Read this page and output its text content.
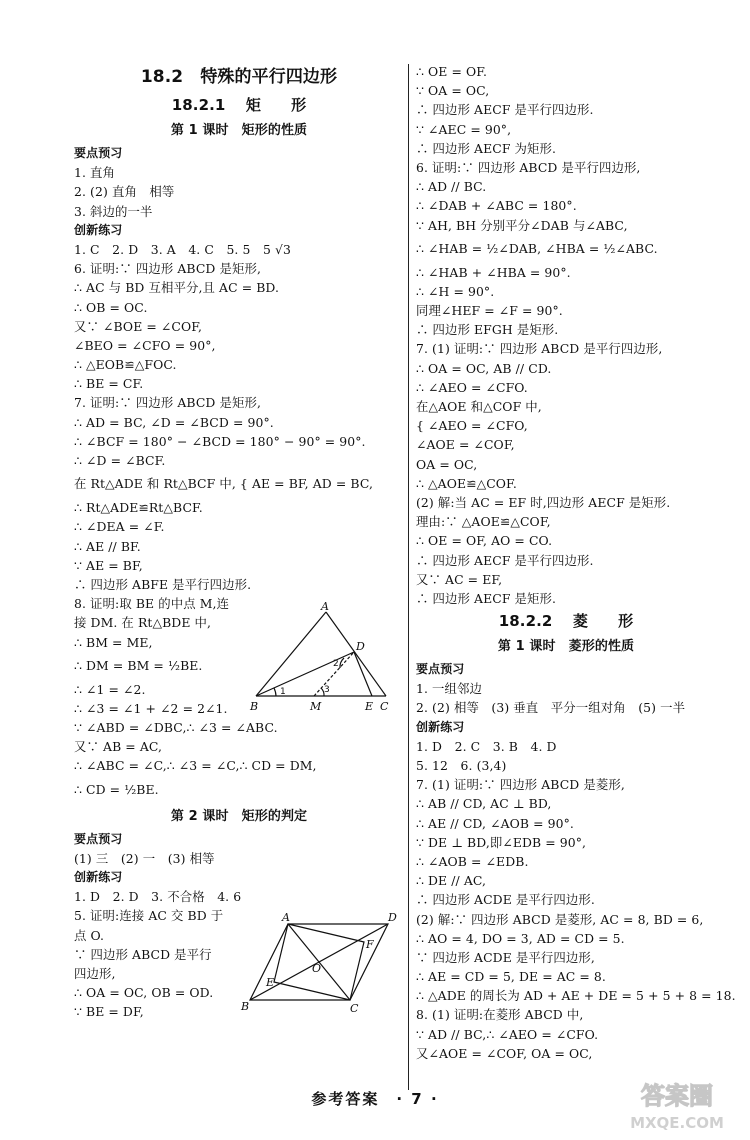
18.2　特殊的平行四边形
18.2.1　 矩　　形
第 1 课时　矩形的性质
要点预习
1. 直角
2. (2) 直角　相等
3. 斜边的一半
创新练习
1. C　2. D　3. A　4. C　5. 5　5 √3
6. 证明:∵ 四边形 ABCD 是矩形,
∴ AC 与 BD 互相平分,且 AC = BD.
∴ OB = OC.
又∵ ∠BOE = ∠COF,
∠BEO = ∠CFO = 90°,
∴ △EOB≌△FOC.
∴ BE = CF.
7. 证明:∵ 四边形 ABCD 是矩形,
∴ AD = BC, ∠D = ∠BCD = 90°.
∴ ∠BCF = 180° − ∠BCD = 180° − 90° = 90°.
∴ ∠D = ∠BCF.
在 Rt△ADE 和 Rt△BCF 中, { AE = BF, AD = BC,
∴ Rt△ADE≌Rt△BCF.
∴ ∠DEA = ∠F.
∴ AE // BF.
∵ AE = BF,
∴ 四边形 ABFE 是平行四边形.
8. 证明:取 BE 的中点 M,连
接 DM. 在 Rt△BDE 中,
∴ BM = ME,
∴ DM = BM = ½BE.
∴ ∠1 = ∠2.
∴ ∠3 = ∠1 + ∠2 = 2∠1.
∵ ∠ABD = ∠DBC,∴ ∠3 = ∠ABC.
又∵ AB = AC,
∴ ∠ABC = ∠C,∴ ∠3 = ∠C,∴ CD = DM,
∴ CD = ½BE.
第 2 课时　矩形的判定
要点预习
(1) 三　(2) 一　(3) 相等
创新练习
1. D　2. D　3. 不合格　4. 6
5. 证明:连接 AC 交 BD 于
点 O.
∵ 四边形 ABCD 是平行
四边形,
∴ OA = OC, OB = OD.
∵ BE = DF,
∴ OE = OF.
∵ OA = OC,
∴ 四边形 AECF 是平行四边形.
∵ ∠AEC = 90°,
∴ 四边形 AECF 为矩形.
6. 证明:∵ 四边形 ABCD 是平行四边形,
∴ AD // BC.
∴ ∠DAB + ∠ABC = 180°.
∵ AH, BH 分别平分∠DAB 与∠ABC,
∴ ∠HAB = ½∠DAB, ∠HBA = ½∠ABC.
∴ ∠HAB + ∠HBA = 90°.
∴ ∠H = 90°.
同理∠HEF = ∠F = 90°.
∴ 四边形 EFGH 是矩形.
7. (1) 证明:∵ 四边形 ABCD 是平行四边形,
∴ OA = OC, AB // CD.
∴ ∠AEO = ∠CFO.
在△AOE 和△COF 中,
{ ∠AEO = ∠CFO,
∠AOE = ∠COF,
OA = OC,
∴ △AOE≌△COF.
(2) 解:当 AC = EF 时,四边形 AECF 是矩形.
理由:∵ △AOE≌△COF,
∴ OE = OF, AO = CO.
∴ 四边形 AECF 是平行四边形.
又∵ AC = EF,
∴ 四边形 AECF 是矩形.
18.2.2　 菱　　形
第 1 课时　菱形的性质
要点预习
1. 一组邻边
2. (2) 相等　(3) 垂直　平分一组对角　(5) 一半
创新练习
1. D　2. C　3. B　4. D
5. 12　6. (3,4)
7. (1) 证明:∵ 四边形 ABCD 是菱形,
∴ AB // CD, AC ⊥ BD,
∴ AE // CD, ∠AOB = 90°.
∵ DE ⊥ BD,即∠EDB = 90°,
∴ ∠AOB = ∠EDB.
∴ DE // AC,
∴ 四边形 ACDE 是平行四边形.
(2) 解:∵ 四边形 ABCD 是菱形, AC = 8, BD = 6,
∴ AO = 4, DO = 3, AD = CD = 5.
∵ 四边形 ACDE 是平行四边形,
∴ AE = CD = 5, DE = AC = 8.
∴ △ADE 的周长为 AD + AE + DE = 5 + 5 + 8 = 18.
8. (1) 证明:在菱形 ABCD 中,
∵ AD // BC,∴ ∠AEO = ∠CFO.
又∠AOE = ∠COF, OA = OC,
A
B	C
D
E
M
1
2
3
A	D
B	C
E
F
O
参考答案　· 7 ·	答案圈
MXQE.COM
